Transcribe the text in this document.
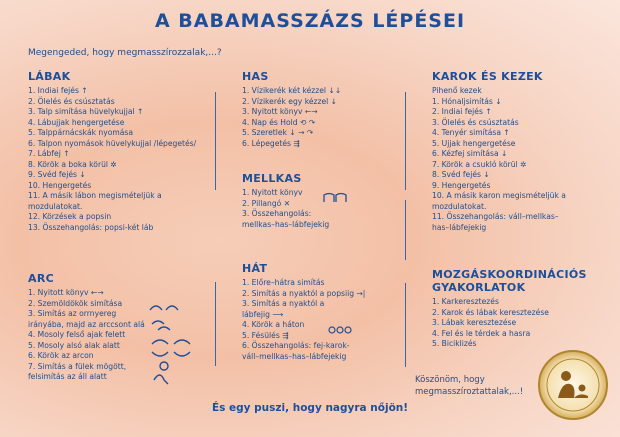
A BABAMASSZÁZS LÉPÉSEI
Megengeded, hogy megmasszírozzalak,...?
LÁBAK
1. Indiai fejés ↑
2. Ölelés és csúsztatás
3. Talp simítása hüvelykujjal ↑
4. Lábujjak hengergetése
5. Talppárnácskák nyomása
6. Talpon nyomások hüvelykujjal /lépegetés/
7. Lábfej ↑
8. Körök a boka körül ✲
9. Svéd fejés ↓
10. Hengergetés
11. A másik lábon megismételjük a
mozdulatokat.
12. Körzések a popsin
13. Összehangolás: popsi-két láb
ARC
1. Nyitott könyv ←→
2. Szemöldökök simítása
3. Simítás az orrnyereg
irányába, majd az arccsont alá
4. Mosoly felső ajak felett
5. Mosoly alsó alak alatt
6. Körök az arcon
7. Simítás a fülek mögött,
felsimítás az áll alatt
HAS
1. Vízikerék két kézzel ↓↓
2. Vízikerék egy kézzel ↓
3. Nyitott könyv ←→
4. Nap és Hold ⟲ ↷
5. Szeretlek ↓ → ↷
6. Lépegetés ⇶
MELLKAS
1. Nyitott könyv
2. Pillangó ✕
3. Összehangolás:
mellkas–has–lábfejekig
HÁT
1. Előre–hátra simítás
2. Simítás a nyaktól a popsiig →|
3. Simítás a nyaktól a
lábfejig ⟶
4. Körök a háton
5. Fésülés ⇶
6. Összehangolás: fej-karok-
váll–mellkas–has–lábfejekig
KAROK ÉS KEZEK
Pihenő kezek
1. Hónaljsimítás ↓
2. Indiai fejés ↑
3. Ölelés és csúsztatás
4. Tenyér simítása ↑
5. Ujjak hengergetése
6. Kézfej simítása ↓
7. Körök a csukló körül ✲
8. Svéd fejés ↓
9. Hengergetés
10. A másik karon megismételjük a
mozdulatokat.
11. Összehangolás: váll–mellkas–
has–lábfejekig
MOZGÁSKOORDINÁCIÓS
GYAKORLATOK
1. Karkeresztezés
2. Karok és lábak keresztezése
3. Lábak keresztezése
4. Fel és le térdek a hasra
5. Biciklizés
Köszönöm, hogy
megmasszíroztattalak,...!
És egy puszi, hogy nagyra nőjön!
